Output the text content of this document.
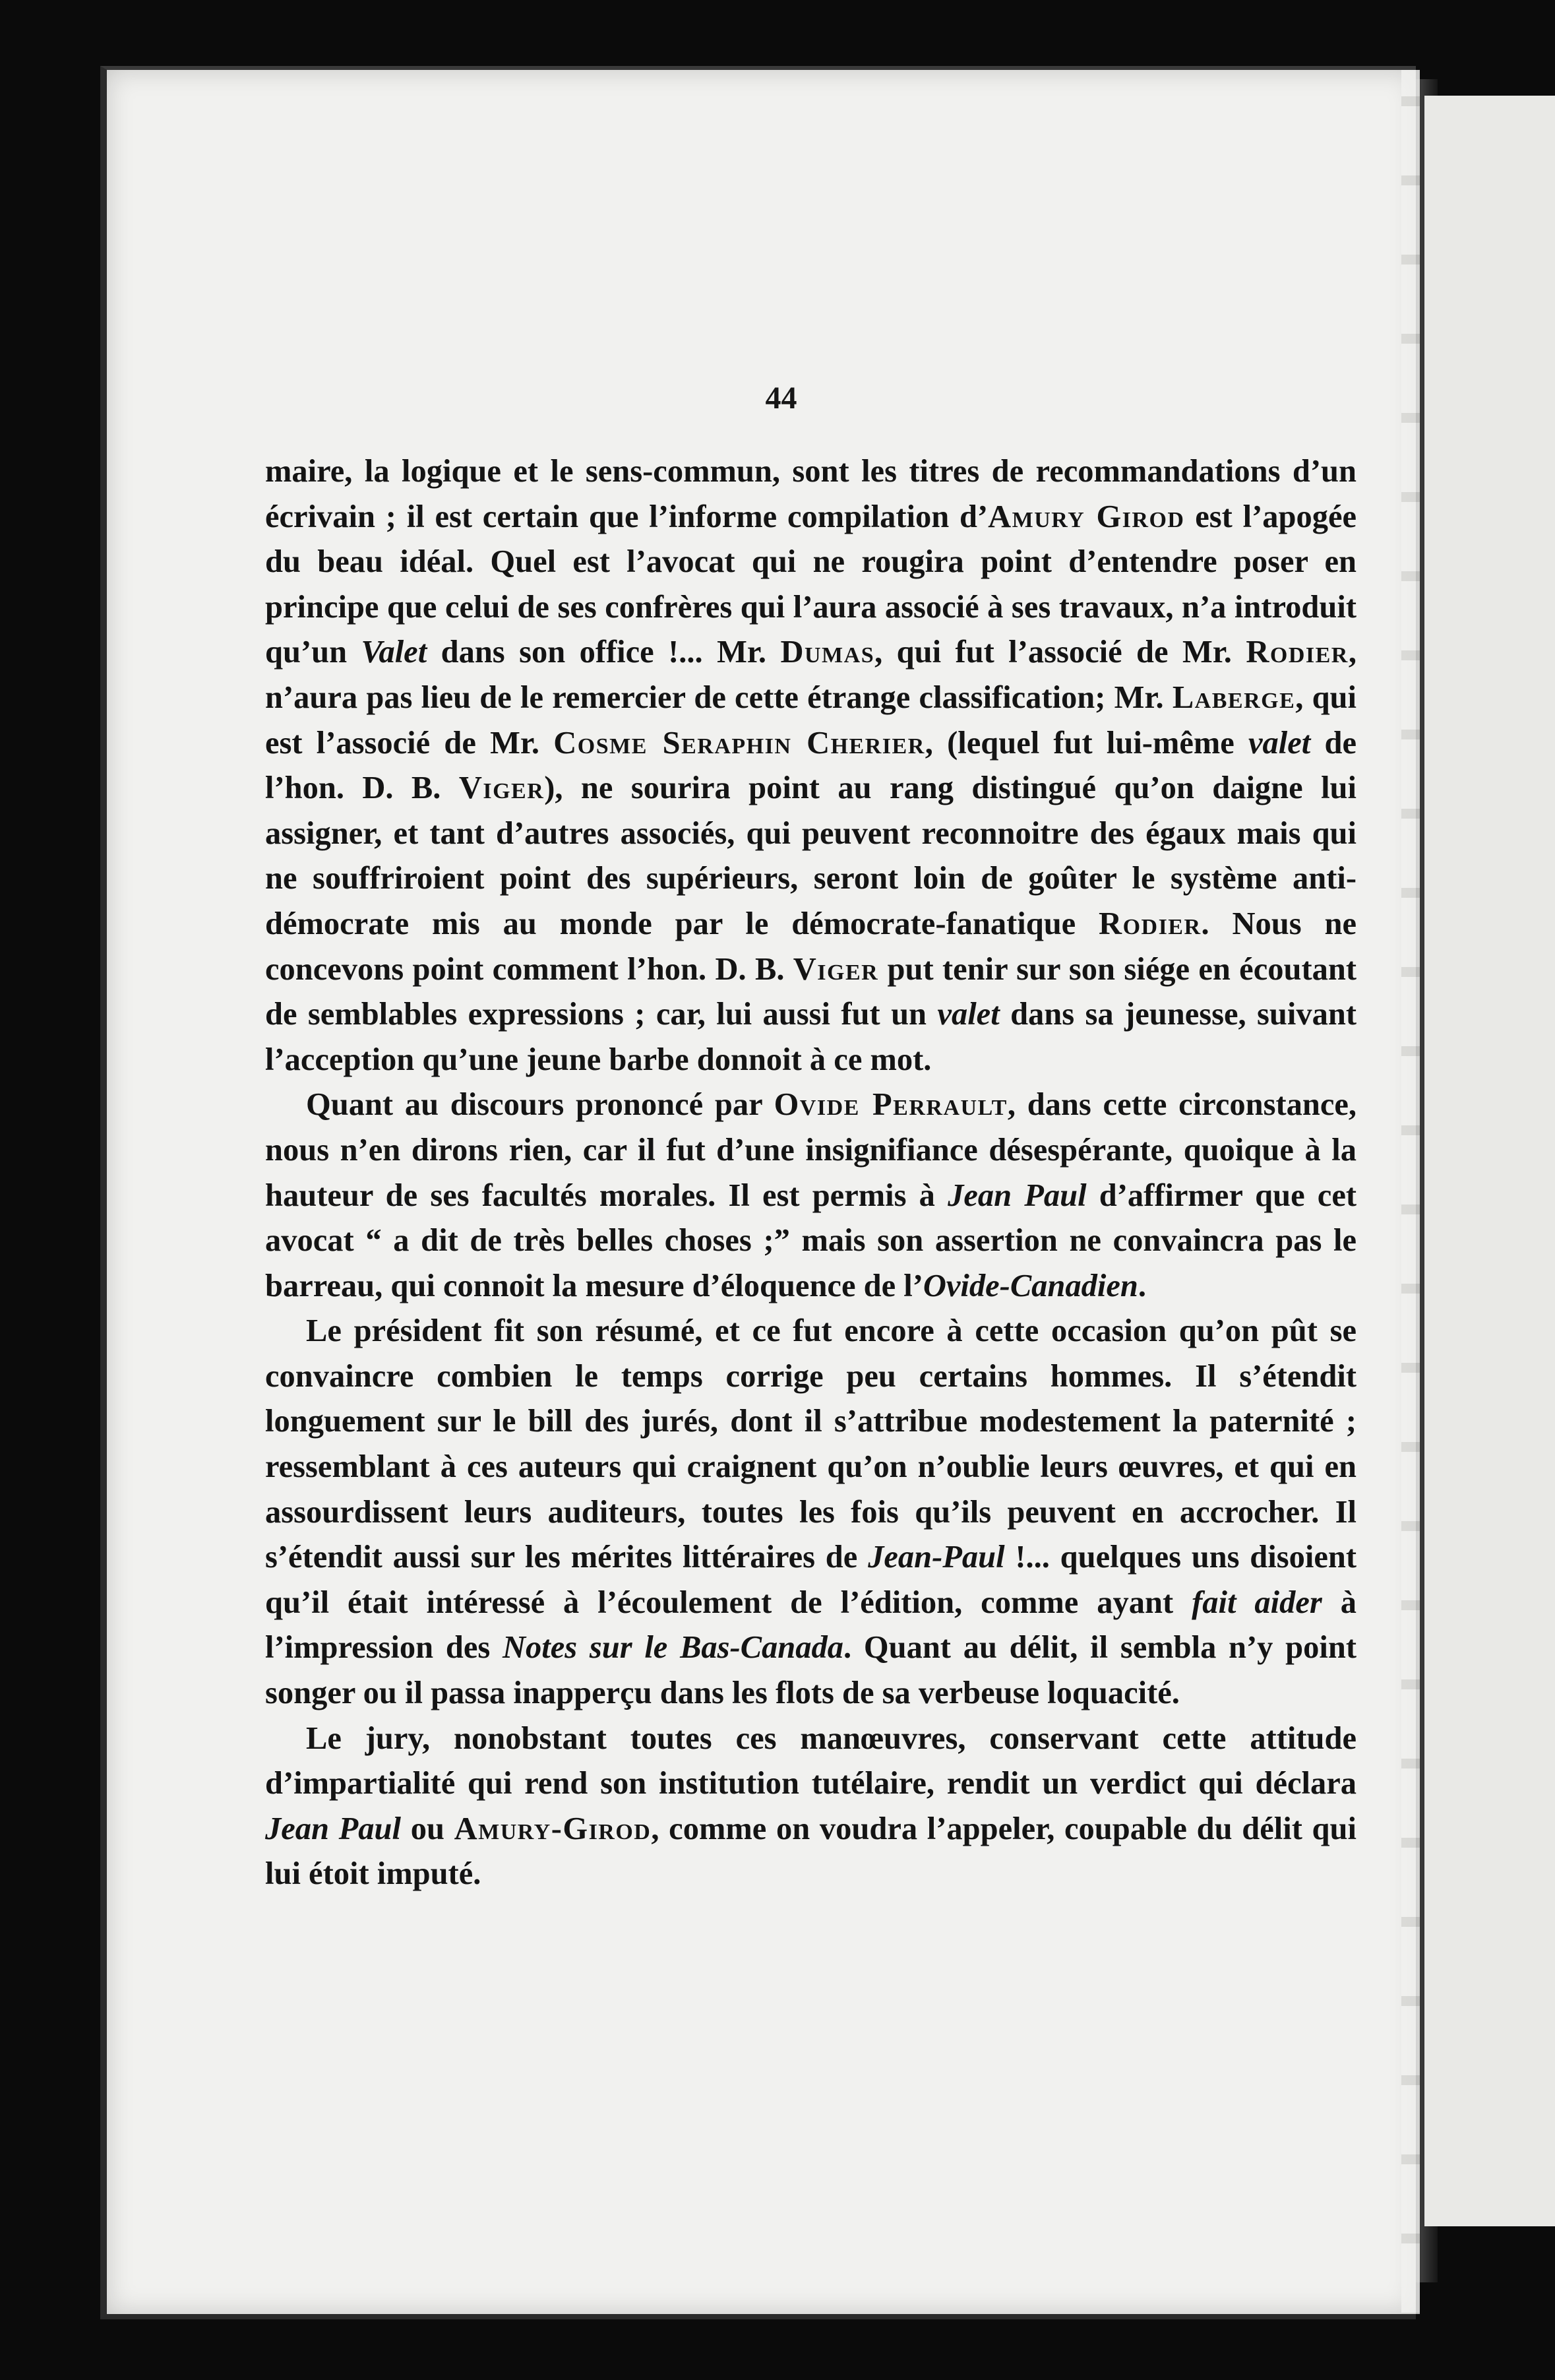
44

maire, la logique et le sens-commun, sont les titres de recommandations d’un écrivain ; il est certain que l’informe compilation d’Amury Girod est l’apogée du beau idéal. Quel est l’avocat qui ne rougira point d’entendre poser en principe que celui de ses confrères qui l’aura associé à ses travaux, n’a introduit qu’un Valet dans son office !... Mr. Dumas, qui fut l’associé de Mr. Rodier, n’aura pas lieu de le remercier de cette étrange classification; Mr. Laberge, qui est l’associé de Mr. Cosme Seraphin Cherier, (lequel fut lui-même valet de l’hon. D. B. Viger), ne sourira point au rang distingué qu’on daigne lui assigner, et tant d’autres associés, qui peuvent reconnoitre des égaux mais qui ne souffriroient point des supérieurs, seront loin de goûter le système anti-démocrate mis au monde par le démocrate-fanatique Rodier. Nous ne concevons point comment l’hon. D. B. Viger put tenir sur son siége en écoutant de semblables expressions ; car, lui aussi fut un valet dans sa jeunesse, suivant l’acception qu’une jeune barbe donnoit à ce mot.

Quant au discours prononcé par Ovide Perrault, dans cette circonstance, nous n’en dirons rien, car il fut d’une insignifiance désespérante, quoique à la hauteur de ses facultés morales. Il est permis à Jean Paul d’affirmer que cet avocat “ a dit de très belles choses ;” mais son assertion ne convaincra pas le barreau, qui connoit la mesure d’éloquence de l’Ovide-Canadien.

Le président fit son résumé, et ce fut encore à cette occasion qu’on pût se convaincre combien le temps corrige peu certains hommes. Il s’étendit longuement sur le bill des jurés, dont il s’attribue modestement la paternité ; ressemblant à ces auteurs qui craignent qu’on n’oublie leurs œuvres, et qui en assourdissent leurs auditeurs, toutes les fois qu’ils peuvent en accrocher. Il s’étendit aussi sur les mérites littéraires de Jean-Paul !... quelques uns disoient qu’il était intéressé à l’écoulement de l’édition, comme ayant fait aider à l’impression des Notes sur le Bas-Canada. Quant au délit, il sembla n’y point songer ou il passa inapperçu dans les flots de sa verbeuse loquacité.

Le jury, nonobstant toutes ces manœuvres, conservant cette attitude d’impartialité qui rend son institution tutélaire, rendit un verdict qui déclara Jean Paul ou Amury-Girod, comme on voudra l’appeler, coupable du délit qui lui étoit imputé.
